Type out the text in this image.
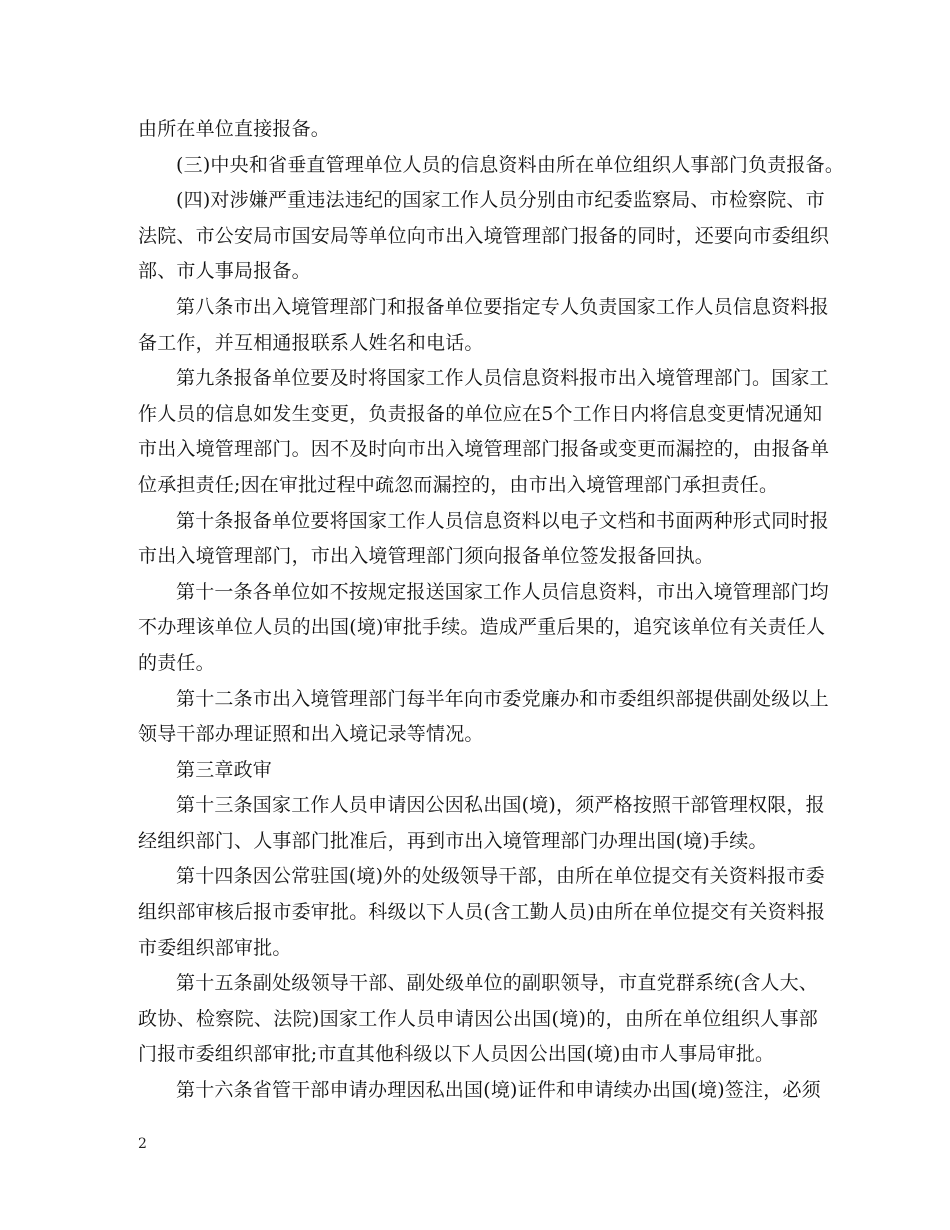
由所在单位直接报备。
(三)中央和省垂直管理单位人员的信息资料由所在单位组织人事部门负责报备。
(四)对涉嫌严重违法违纪的国家工作人员分别由市纪委监察局、市检察院、市
法院、市公安局市国安局等单位向市出入境管理部门报备的同时，还要向市委组织
部、市人事局报备。
第八条市出入境管理部门和报备单位要指定专人负责国家工作人员信息资料报
备工作，并互相通报联系人姓名和电话。
第九条报备单位要及时将国家工作人员信息资料报市出入境管理部门。国家工
作人员的信息如发生变更，负责报备的单位应在5个工作日内将信息变更情况通知
市出入境管理部门。因不及时向市出入境管理部门报备或变更而漏控的，由报备单
位承担责任;因在审批过程中疏忽而漏控的，由市出入境管理部门承担责任。
第十条报备单位要将国家工作人员信息资料以电子文档和书面两种形式同时报
市出入境管理部门，市出入境管理部门须向报备单位签发报备回执。
第十一条各单位如不按规定报送国家工作人员信息资料，市出入境管理部门均
不办理该单位人员的出国(境)审批手续。造成严重后果的，追究该单位有关责任人
的责任。
第十二条市出入境管理部门每半年向市委党廉办和市委组织部提供副处级以上
领导干部办理证照和出入境记录等情况。
第三章政审
第十三条国家工作人员申请因公因私出国(境)，须严格按照干部管理权限，报
经组织部门、人事部门批准后，再到市出入境管理部门办理出国(境)手续。
第十四条因公常驻国(境)外的处级领导干部，由所在单位提交有关资料报市委
组织部审核后报市委审批。科级以下人员(含工勤人员)由所在单位提交有关资料报
市委组织部审批。
第十五条副处级领导干部、副处级单位的副职领导，市直党群系统(含人大、
政协、检察院、法院)国家工作人员申请因公出国(境)的，由所在单位组织人事部
门报市委组织部审批;市直其他科级以下人员因公出国(境)由市人事局审批。
第十六条省管干部申请办理因私出国(境)证件和申请续办出国(境)签注，必须
2
